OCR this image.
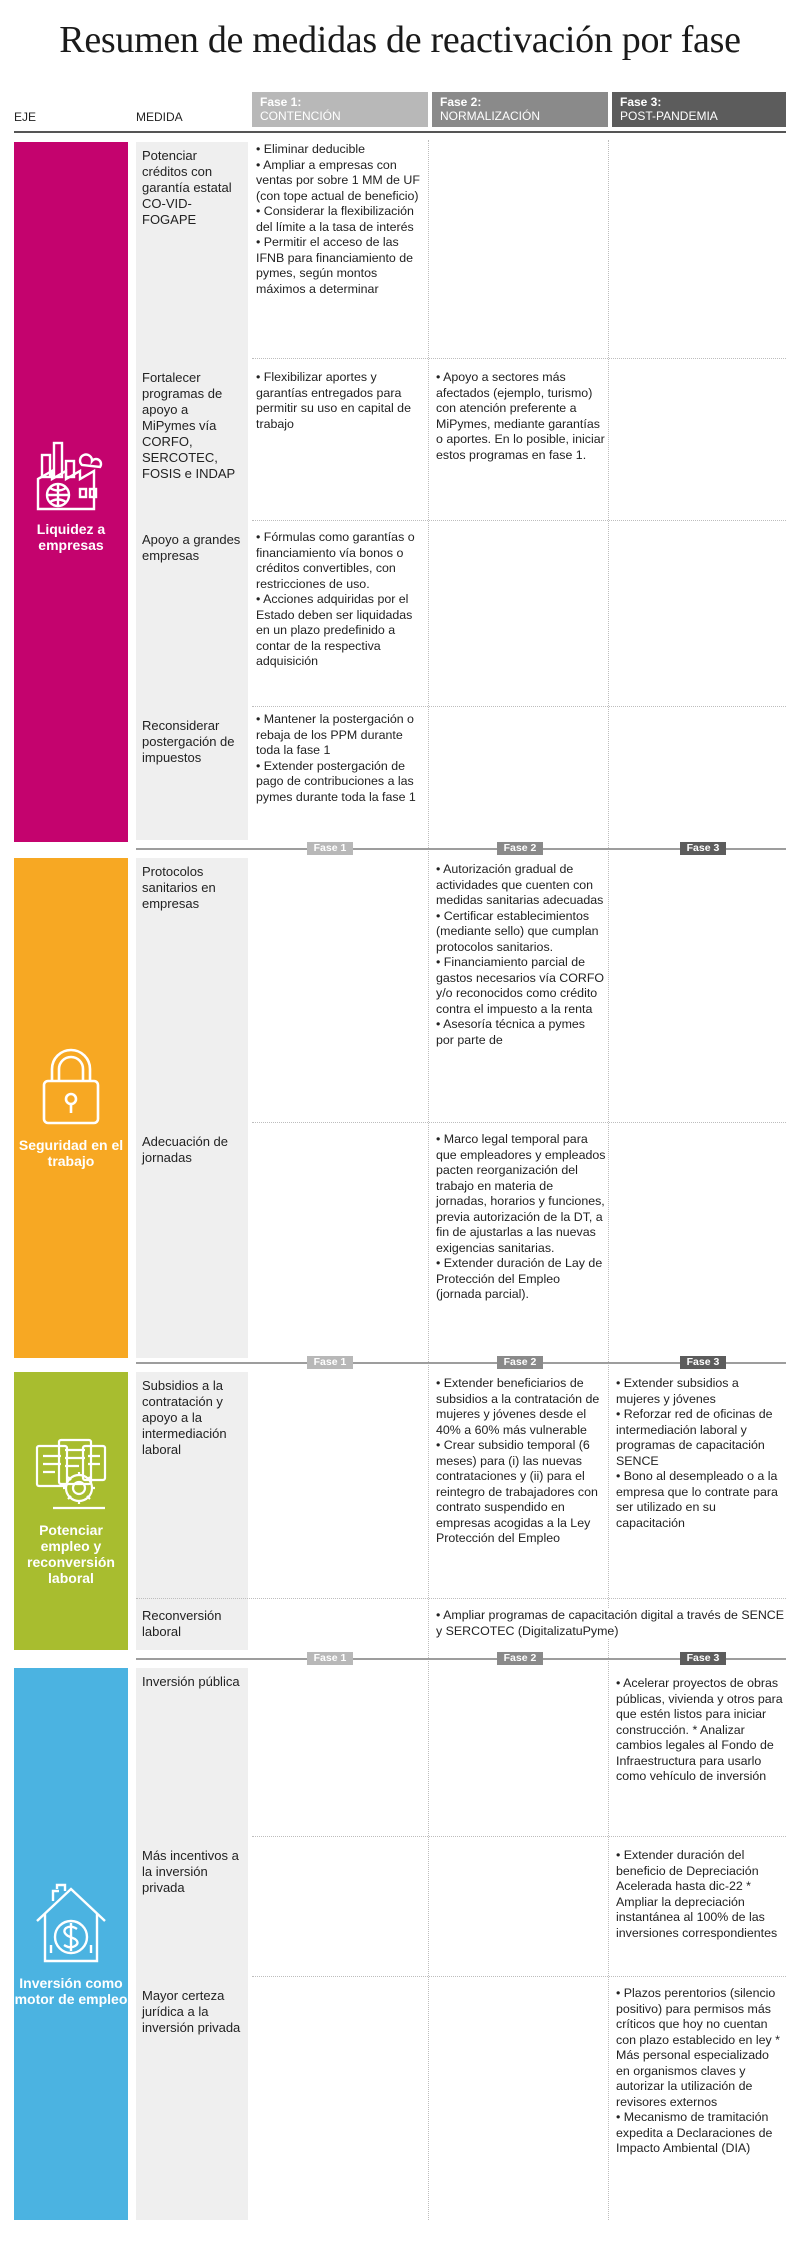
Resumen de medidas de reactivación por fase
EJE	MEDIDA
Fase 1:
CONTENCIÓN
Fase 2:
NORMALIZACIÓN
Fase 3:
POST-PANDEMIA
Liquidez a empresas
Potenciar créditos con garantía estatal CO-VID-FOGAPE
• Eliminar deducible
• Ampliar a empresas con ventas por sobre 1 MM de UF (con tope actual de beneficio)
• Considerar la flexibilización del límite a la tasa de interés
• Permitir el acceso de las IFNB para financiamiento de pymes, según montos máximos a determinar
Fortalecer programas de apoyo a MiPymes vía CORFO, SERCOTEC, FOSIS e INDAP
• Flexibilizar aportes y garantías entregados para permitir su uso en capital de trabajo
• Apoyo a sectores más afectados (ejemplo, turismo) con atención preferente a MiPymes, mediante garantías o aportes. En lo posible, iniciar estos programas en fase 1.
Apoyo a grandes empresas
• Fórmulas como garantías o financiamiento vía bonos o créditos convertibles, con restricciones de uso.
• Acciones adquiridas por el Estado deben ser liquidadas en un plazo predefinido a contar de la respectiva adquisición
Reconsiderar postergación de impuestos
• Mantener la postergación o rebaja de los PPM durante toda la fase 1
• Extender postergación de pago de contribuciones a las pymes durante toda la fase 1
Fase 1	Fase 2	Fase 3
Seguridad en el trabajo
Protocolos sanitarios en empresas
• Autorización gradual de actividades que cuenten con medidas sanitarias adecuadas
• Certificar establecimientos (mediante sello) que cumplan protocolos sanitarios.
• Financiamiento parcial de gastos necesarios vía CORFO y/o reconocidos como crédito contra el impuesto a la renta
• Asesoría técnica a pymes por parte de
Adecuación de jornadas
• Marco legal temporal para que empleadores y empleados pacten reorganización del trabajo en materia de jornadas, horarios y funciones, previa autorización de la DT, a fin de ajustarlas a las nuevas exigencias sanitarias.
• Extender duración de Lay de Protección del Empleo (jornada parcial).
Fase 1	Fase 2	Fase 3
Potenciar empleo y reconversión laboral
Subsidios a la contratación y apoyo a la intermediación laboral
• Extender beneficiarios de subsidios a la contratación de mujeres y jóvenes desde el 40% a 60% más vulnerable
• Crear subsidio temporal (6 meses) para (i) las nuevas contrataciones y (ii) para el reintegro de trabajadores con contrato suspendido en empresas acogidas a la Ley Protección del Empleo
• Extender subsidios a mujeres y jóvenes
• Reforzar red de oficinas de intermediación laboral y programas de capacitación SENCE
• Bono al desempleado o a la empresa que lo contrate para ser utilizado en su capacitación
Reconversión laboral
• Ampliar programas de capacitación digital a través de SENCE y SERCOTEC (DigitalizatuPyme)
Fase 1	Fase 2	Fase 3
Inversión como motor de empleo
Inversión pública
•	Acelerar proyectos de obras públicas, vivienda y otros para que estén listos para iniciar construcción. * Analizar cambios legales al Fondo de Infraestructura para usarlo como vehículo de inversión
Más incentivos a la inversión privada
• Extender duración del beneficio de Depreciación Acelerada hasta dic-22 * Ampliar la depreciación instantánea al 100% de las inversiones correspondientes
Mayor certeza jurídica a la inversión privada
• Plazos perentorios (silencio positivo) para permisos más críticos que hoy no cuentan con plazo establecido en ley * Más personal especializado en organismos claves y autorizar la utilización de revisores externos
• Mecanismo de tramitación expedita a Declaraciones de Impacto Ambiental (DIA)
